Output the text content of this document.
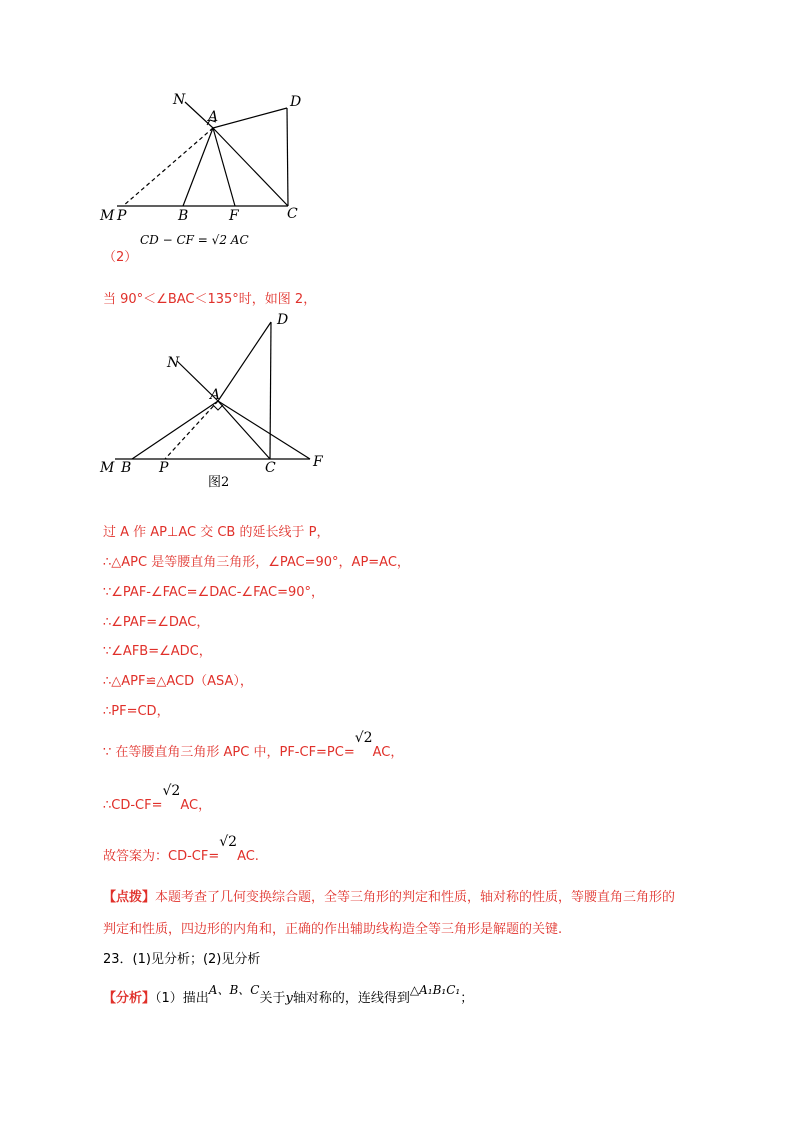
N
A
D
M P	B	F	C
（2）
CD − CF = √2 AC
当 90°＜∠BAC＜135°时，如图 2，
D
N
A
M B P	C	F
图2
过 A 作 AP⊥AC 交 CB 的延长线于 P，
∴△APC 是等腰直角三角形，∠PAC=90°，AP=AC，
∵∠PAF-∠FAC=∠DAC-∠FAC=90°，
∴∠PAF=∠DAC，
∵∠AFB=∠ADC，
∴△APF≌△ACD（ASA），
∴PF=CD，
∵ 在等腰直角三角形 APC 中，PF-CF=PC=√2AC，
∴CD-CF=√2AC，
故答案为：CD-CF=√2AC.
【点拨】本题考查了几何变换综合题，全等三角形的判定和性质，轴对称的性质，等腰直角三角形的
判定和性质，四边形的内角和，正确的作出辅助线构造全等三角形是解题的关键.
23．(1)见分析；(2)见分析
【分析】（1）描出A、B、C关于y轴对称的，连线得到△A₁B₁C₁；
